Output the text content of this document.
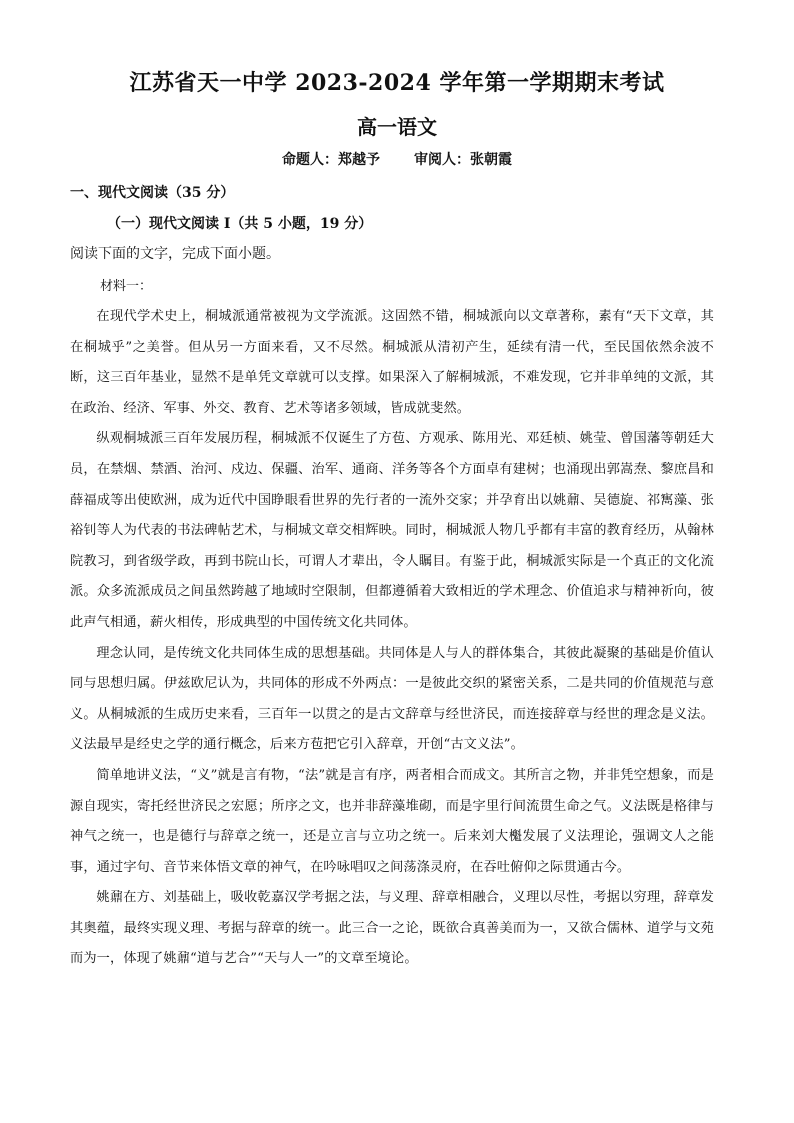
江苏省天一中学 2023-2024 学年第一学期期末考试
高一语文
命题人：郑越予 审阅人：张朝霞
一、现代文阅读（35 分）
（一）现代文阅读 I（共 5 小题，19 分）
阅读下面的文字，完成下面小题。
材料一：

在现代学术史上，桐城派通常被视为文学流派。这固然不错，桐城派向以文章著称，素有“天下文章，其在桐城乎”之美誉。但从另一方面来看，又不尽然。桐城派从清初产生，延续有清一代，至民国依然余波不断，这三百年基业，显然不是单凭文章就可以支撑。如果深入了解桐城派，不难发现，它并非单纯的文派，其在政治、经济、军事、外交、教育、艺术等诸多领域，皆成就斐然。

纵观桐城派三百年发展历程，桐城派不仅诞生了方苞、方观承、陈用光、邓廷桢、姚莹、曾国藩等朝廷大员，在禁烟、禁酒、治河、戍边、保疆、治军、通商、洋务等各个方面卓有建树；也涌现出郭嵩焘、黎庶昌和薛福成等出使欧洲，成为近代中国睁眼看世界的先行者的一流外交家；并孕育出以姚鼐、吴德旋、祁寯藻、张裕钊等人为代表的书法碑帖艺术，与桐城文章交相辉映。同时，桐城派人物几乎都有丰富的教育经历，从翰林院教习，到省级学政，再到书院山长，可谓人才辈出，令人瞩目。有鉴于此，桐城派实际是一个真正的文化流派。众多流派成员之间虽然跨越了地域时空限制，但都遵循着大致相近的学术理念、价值追求与精神祈向，彼此声气相通，薪火相传，形成典型的中国传统文化共同体。

理念认同，是传统文化共同体生成的思想基础。共同体是人与人的群体集合，其彼此凝聚的基础是价值认同与思想归属。伊兹欧尼认为，共同体的形成不外两点：一是彼此交织的紧密关系，二是共同的价值规范与意义。从桐城派的生成历史来看，三百年一以贯之的是古文辞章与经世济民，而连接辞章与经世的理念是义法。义法最早是经史之学的通行概念，后来方苞把它引入辞章，开创“古文义法”。

简单地讲义法，“义”就是言有物，“法”就是言有序，两者相合而成文。其所言之物，并非凭空想象，而是源自现实，寄托经世济民之宏愿；所序之文，也并非辞藻堆砌，而是字里行间流贯生命之气。义法既是格律与神气之统一，也是德行与辞章之统一，还是立言与立功之统一。后来刘大櫆发展了义法理论，强调文人之能事，通过字句、音节来体悟文章的神气，在吟咏唱叹之间荡涤灵府，在吞吐俯仰之际贯通古今。

姚鼐在方、刘基础上，吸收乾嘉汉学考据之法，与义理、辞章相融合，义理以尽性，考据以穷理，辞章发其奥蕴，最终实现义理、考据与辞章的统一。此三合一之论，既欲合真善美而为一，又欲合儒林、道学与文苑而为一，体现了姚鼐“道与艺合”“天与人一”的文章至境论。
